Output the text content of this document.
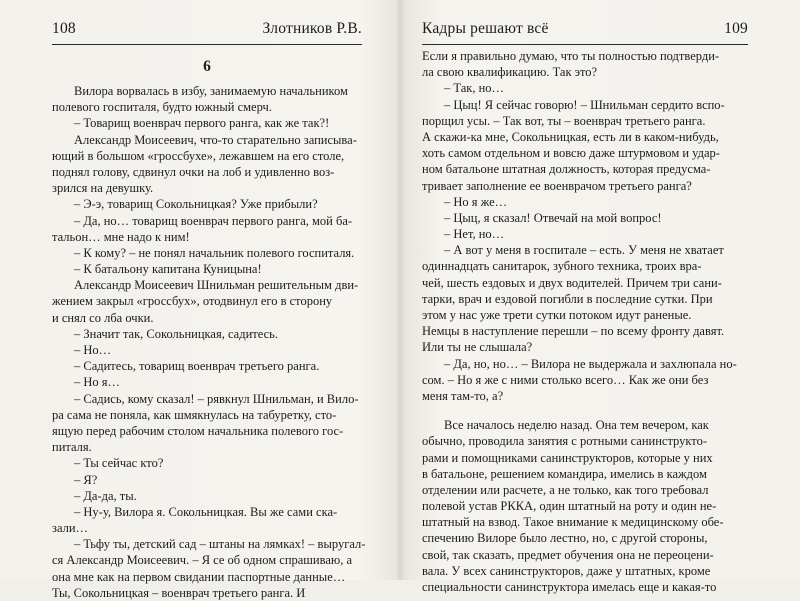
108	Злотников Р.В.
6
Вилора ворвалась в избу, занимаемую начальником
полевого госпиталя, будто южный смерч.
– Товарищ военврач первого ранга, как же так?!
Александр Моисеевич, что-то старательно записыва-
ющий в большом «гроссбухе», лежавшем на его столе,
поднял голову, сдвинул очки на лоб и удивленно воз-
зрился на девушку.
– Э-э, товарищ Сокольницкая? Уже прибыли?
– Да, но… товарищ военврач первого ранга, мой ба-
тальон… мне надо к ним!
– К кому? – не понял начальник полевого госпиталя.
– К батальону капитана Куницына!
Александр Моисеевич Шнильман решительным дви-
жением закрыл «гроссбух», отодвинул его в сторону
и снял со лба очки.
– Значит так, Сокольницкая, садитесь.
– Но…
– Садитесь, товарищ военврач третьего ранга.
– Но я…
– Садись, кому сказал! – рявкнул Шнильман, и Вило-
ра сама не поняла, как шмякнулась на табуретку, сто-
ящую перед рабочим столом начальника полевого гос-
питаля.
– Ты сейчас кто?
– Я?
– Да-да, ты.
– Ну-у, Вилора я. Сокольницкая. Вы же сами ска-
зали…
– Тьфу ты, детский сад – штаны на лямках! – выругал-
ся Александр Моисеевич. – Я се об одном спрашиваю, а
она мне как на первом свидании паспортные данные…
Ты, Сокольницкая – военврач третьего ранга. И
Кадры решают всё	109
Если я правильно думаю, что ты полностью подтверди-
ла свою квалификацию. Так это?
– Так, но…
– Цыц! Я сейчас говорю! – Шнильман сердито вспо-
порщил усы. – Так вот, ты – военврач третьего ранга.
А скажи-ка мне, Сокольницкая, есть ли в каком-нибудь,
хоть самом отдельном и вовсю даже штурмовом и удар-
ном батальоне штатная должность, которая предусма-
тривает заполнение ее военврачом третьего ранга?
– Но я же…
– Цыц, я сказал! Отвечай на мой вопрос!
– Нет, но…
– А вот у меня в госпитале – есть. У меня не хватает
одиннадцать санитарок, зубного техника, троих вра-
чей, шесть ездовых и двух водителей. Причем три сани-
тарки, врач и ездовой погибли в последние сутки. При
этом у нас уже трети сутки потоком идут раненые.
Немцы в наступление перешли – по всему фронту давят.
Или ты не слышала?
– Да, но, но… – Вилора не выдержала и захлюпала но-
сом. – Но я же с ними столько всего… Как же они без
меня там-то, а?
Все началось неделю назад. Она тем вечером, как
обычно, проводила занятия с ротными санинструкто-
рами и помощниками санинструкторов, которые у них
в батальоне, решением командира, имелись в каждом
отделении или расчете, а не только, как того требовал
полевой устав РККА, один штатный на роту и один не-
штатный на взвод. Такое внимание к медицинскому обе-
спечению Вилоре было лестно, но, с другой стороны,
свой, так сказать, предмет обучения она не переоцени-
вала. У всех санинструкторов, даже у штатных, кроме
специальности санинструктора имелась еще и какая-то
